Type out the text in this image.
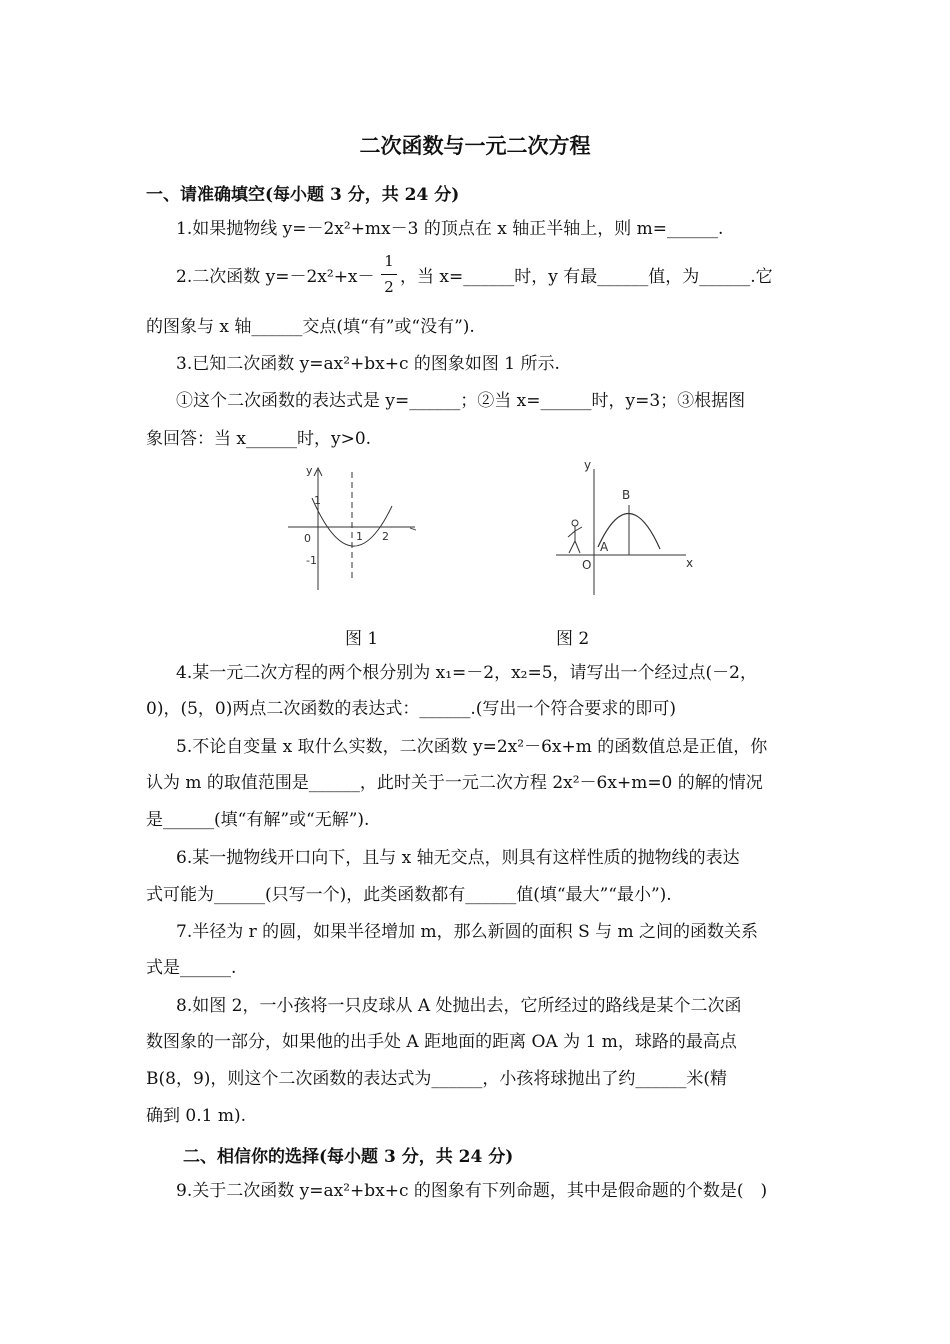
二次函数与一元二次方程
一、请准确填空(每小题 3 分，共 24 分)
1.如果抛物线 y=－2x²+mx－3 的顶点在 x 轴正半轴上，则 m=______.
2.二次函数 y=－2x²+x－
1
2 ，当 x=______时，y 有最______值，为______.它
的图象与 x 轴______交点(填“有”或“没有”).
3.已知二次函数 y=ax²+bx+c 的图象如图 1 所示.
①这个二次函数的表达式是 y=______；②当 x=______时，y=3；③根据图
象回答：当 x______时，y>0.
y
1
0
-1
1 2
y
x
A
B
O
图 1	图 2
4.某一元二次方程的两个根分别为 x₁=－2，x₂=5，请写出一个经过点(－2，
0)，(5，0)两点二次函数的表达式：______.(写出一个符合要求的即可)
5.不论自变量 x 取什么实数，二次函数 y=2x²－6x+m 的函数值总是正值，你
认为 m 的取值范围是______，此时关于一元二次方程 2x²－6x+m=0 的解的情况
是______(填“有解”或“无解”).
6.某一抛物线开口向下，且与 x 轴无交点，则具有这样性质的抛物线的表达
式可能为______(只写一个)，此类函数都有______值(填“最大”“最小”).
7.半径为 r 的圆，如果半径增加 m，那么新圆的面积 S 与 m 之间的函数关系
式是______.
8.如图 2，一小孩将一只皮球从 A 处抛出去，它所经过的路线是某个二次函
数图象的一部分，如果他的出手处 A 距地面的距离 OA 为 1 m，球路的最高点
B(8，9)，则这个二次函数的表达式为______，小孩将球抛出了约______米(精
确到 0.1 m).
二、相信你的选择(每小题 3 分，共 24 分)
9.关于二次函数 y=ax²+bx+c 的图象有下列命题，其中是假命题的个数是(　)
